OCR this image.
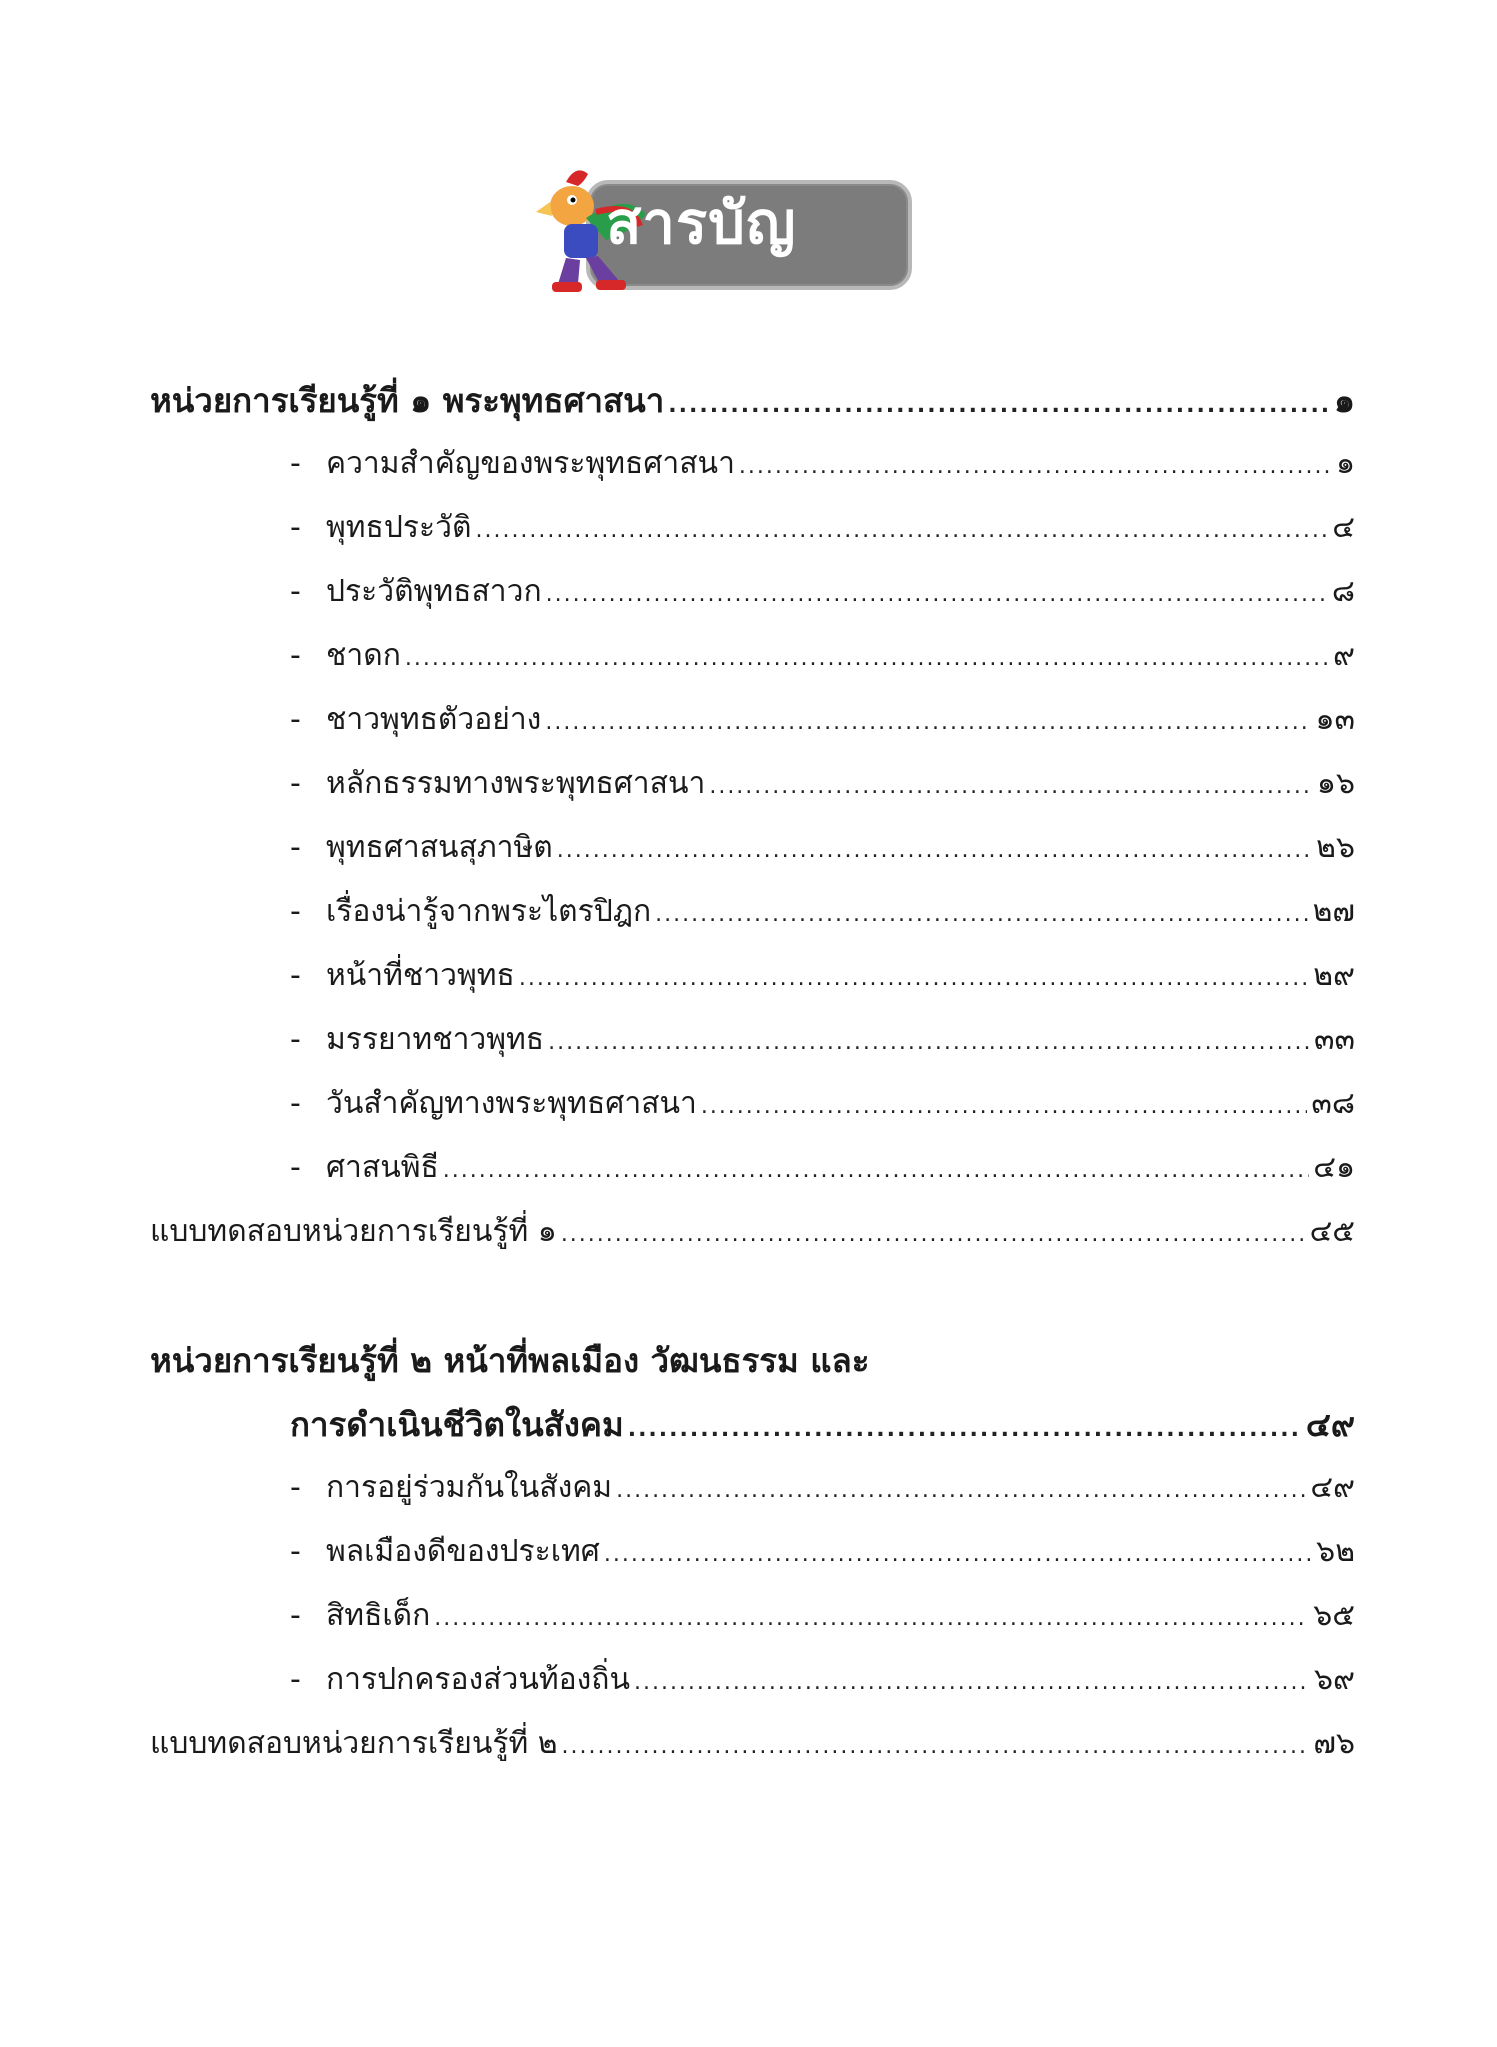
สารบัญ
หน่วยการเรียนรู้ที่ ๑ พระพุทธศาสนา .....	๑
- ความสำคัญของพระพุทธศาสนา .....	๑
- พุทธประวัติ .....	๔
- ประวัติพุทธสาวก .....	๘
- ชาดก .....	๙
- ชาวพุทธตัวอย่าง .....	๑๓
- หลักธรรมทางพระพุทธศาสนา .....	๑๖
- พุทธศาสนสุภาษิต .....	๒๖
- เรื่องน่ารู้จากพระไตรปิฎก .....	๒๗
- หน้าที่ชาวพุทธ .....	๒๙
- มรรยาทชาวพุทธ .....	๓๓
- วันสำคัญทางพระพุทธศาสนา .....	๓๘
- ศาสนพิธี .....	๔๑
แบบทดสอบหน่วยการเรียนรู้ที่ ๑ .....	๔๕
หน่วยการเรียนรู้ที่ ๒ หน้าที่พลเมือง วัฒนธรรม และ
การดำเนินชีวิตในสังคม .....	๔๙
- การอยู่ร่วมกันในสังคม .....	๔๙
- พลเมืองดีของประเทศ .....	๖๒
- สิทธิเด็ก .....	๖๕
- การปกครองส่วนท้องถิ่น .....	๖๙
แบบทดสอบหน่วยการเรียนรู้ที่ ๒ .....	๗๖
